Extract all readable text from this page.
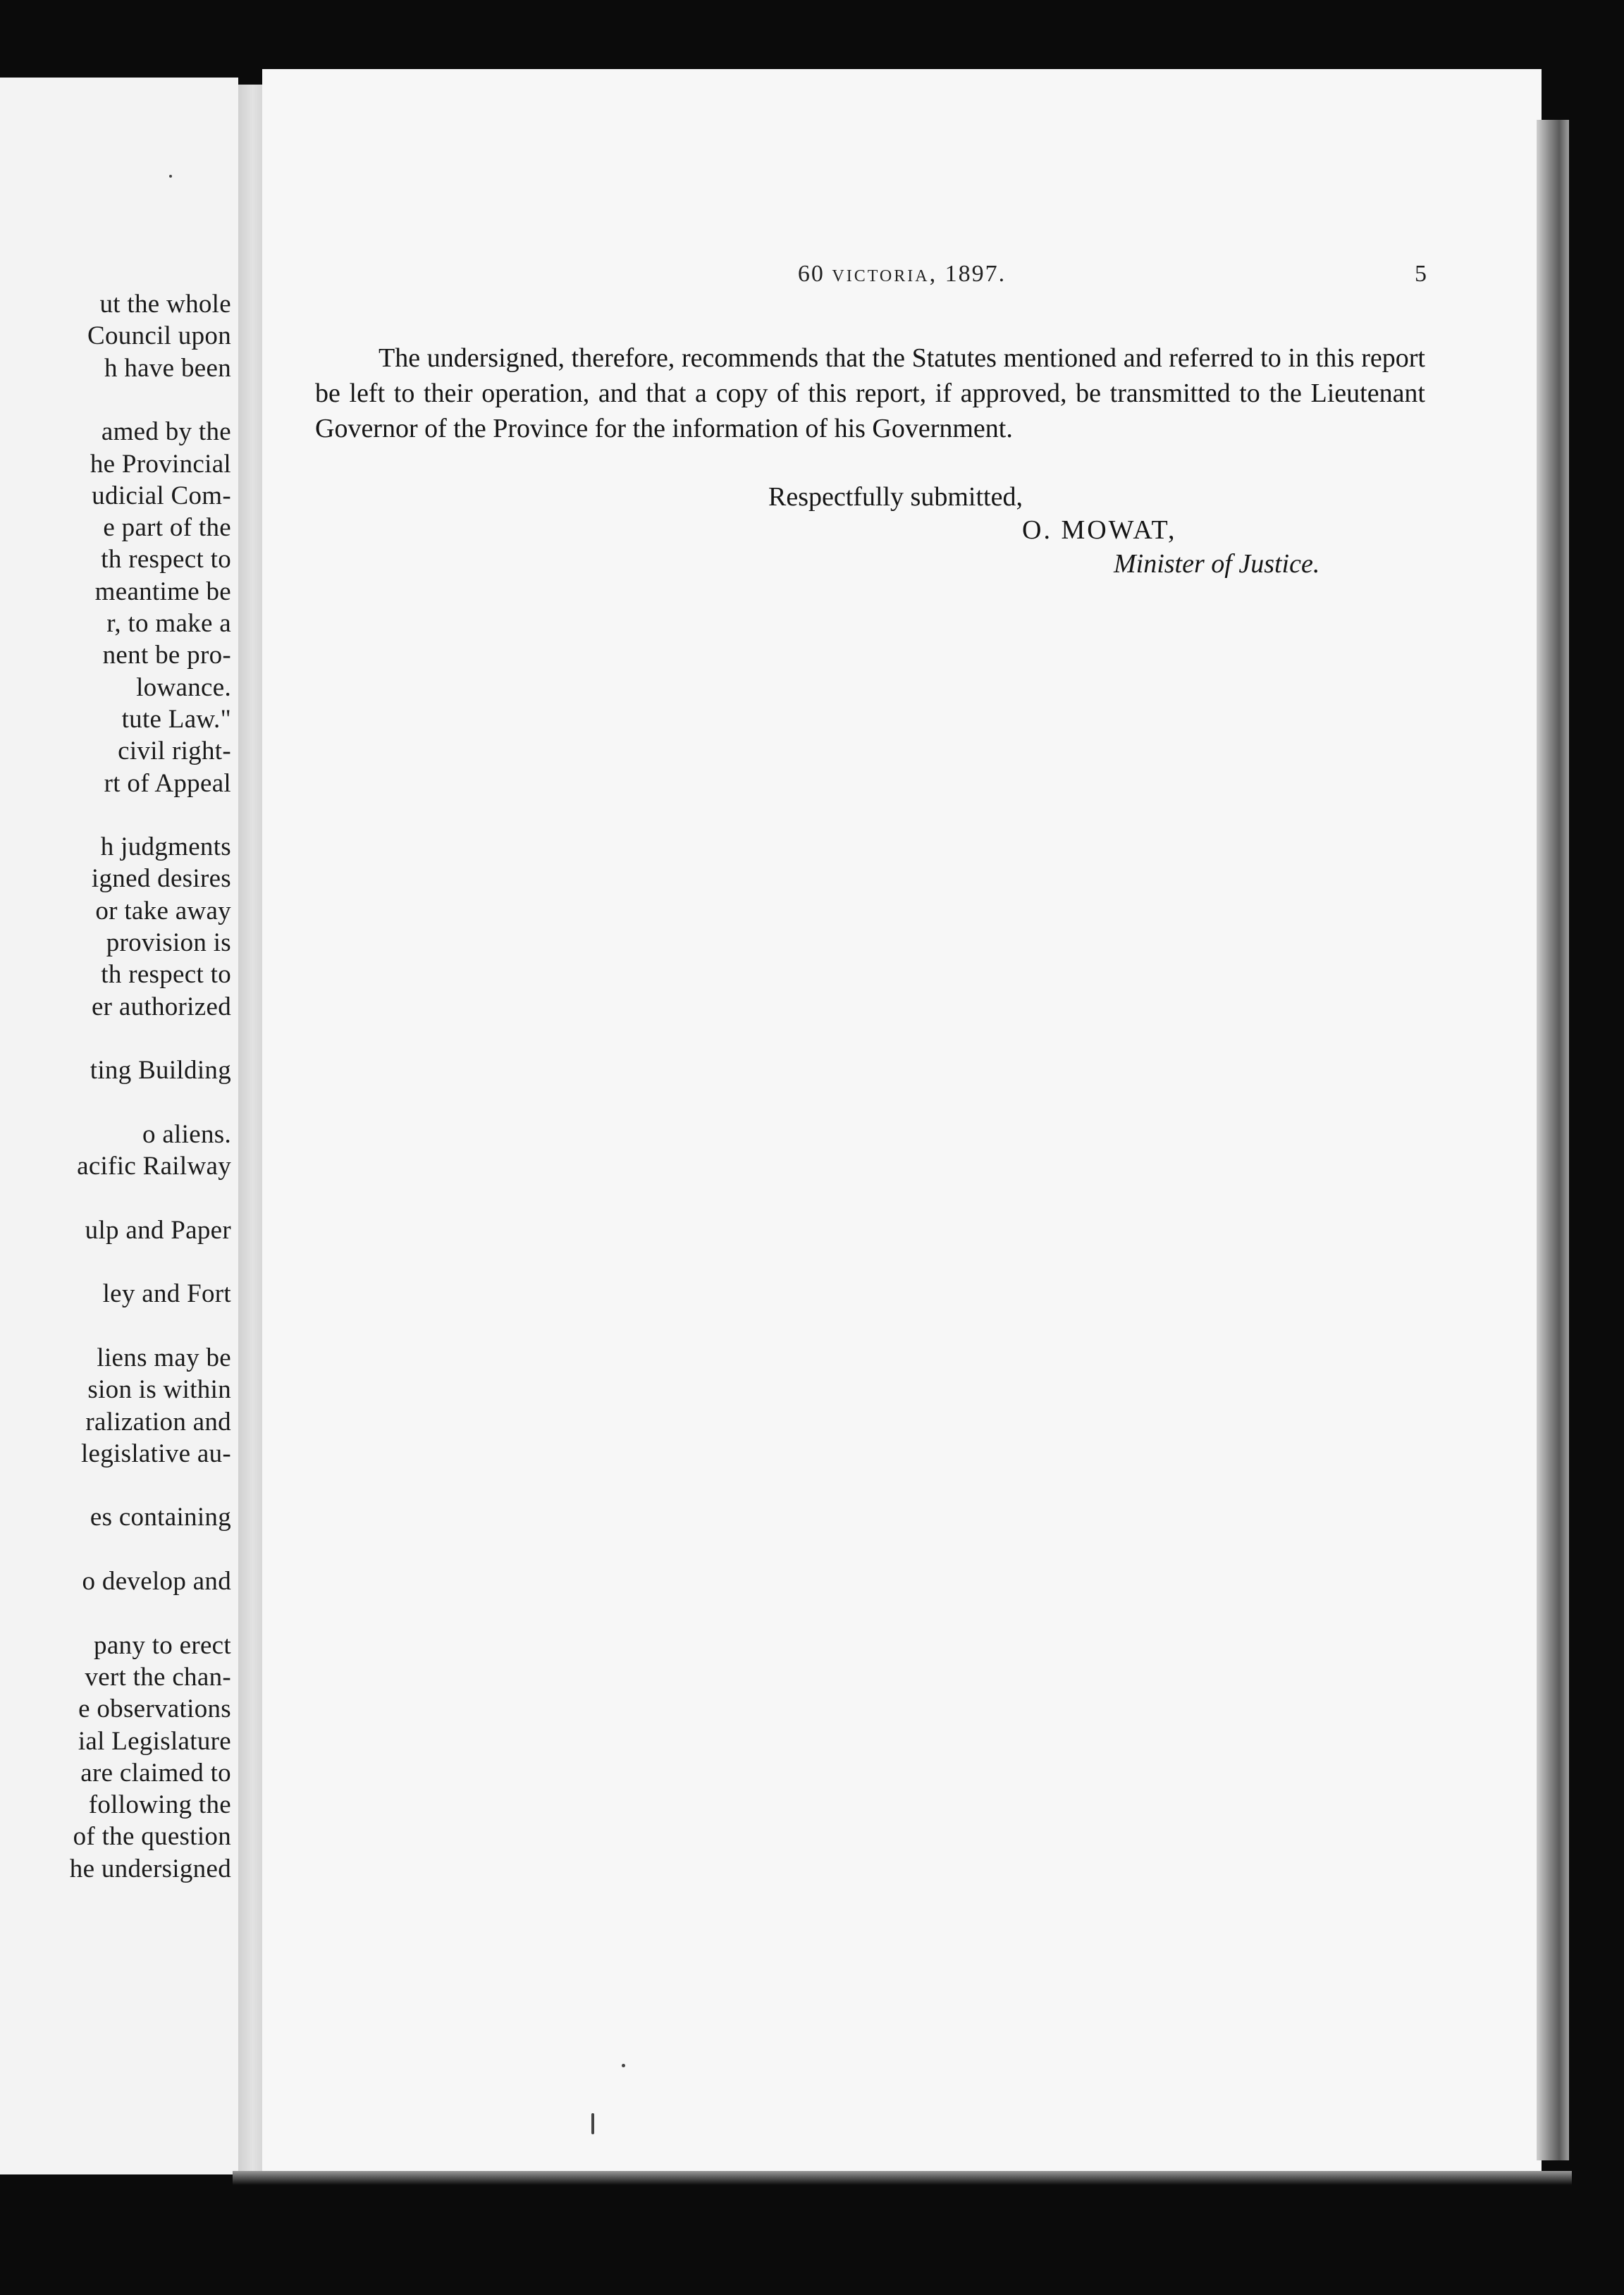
ut the whole
Council upon
h have been
amed by the
he Provincial
udicial Com-
e part of the
th respect to
meantime be
r, to make a
nent be pro-
lowance.
tute Law."
civil right-
rt of Appeal
h judgments
igned desires
or take away
provision is
th respect to
er authorized
ting Building
o aliens.
acific Railway
ulp and Paper
ley and Fort
liens may be
sion is within
ralization and
legislative au-
es containing
o develop and
pany to erect
vert the chan-
e observations
ial Legislature
are claimed to
following the
of the question
he undersigned
60 victoria, 1897.	5

The undersigned, therefore, recommends that the Statutes mentioned and referred to in this report be left to their operation, and that a copy of this report, if approved, be transmitted to the Lieutenant Governor of the Province for the information of his Government.

Respectfully submitted,
O. MOWAT,
Minister of Justice.
